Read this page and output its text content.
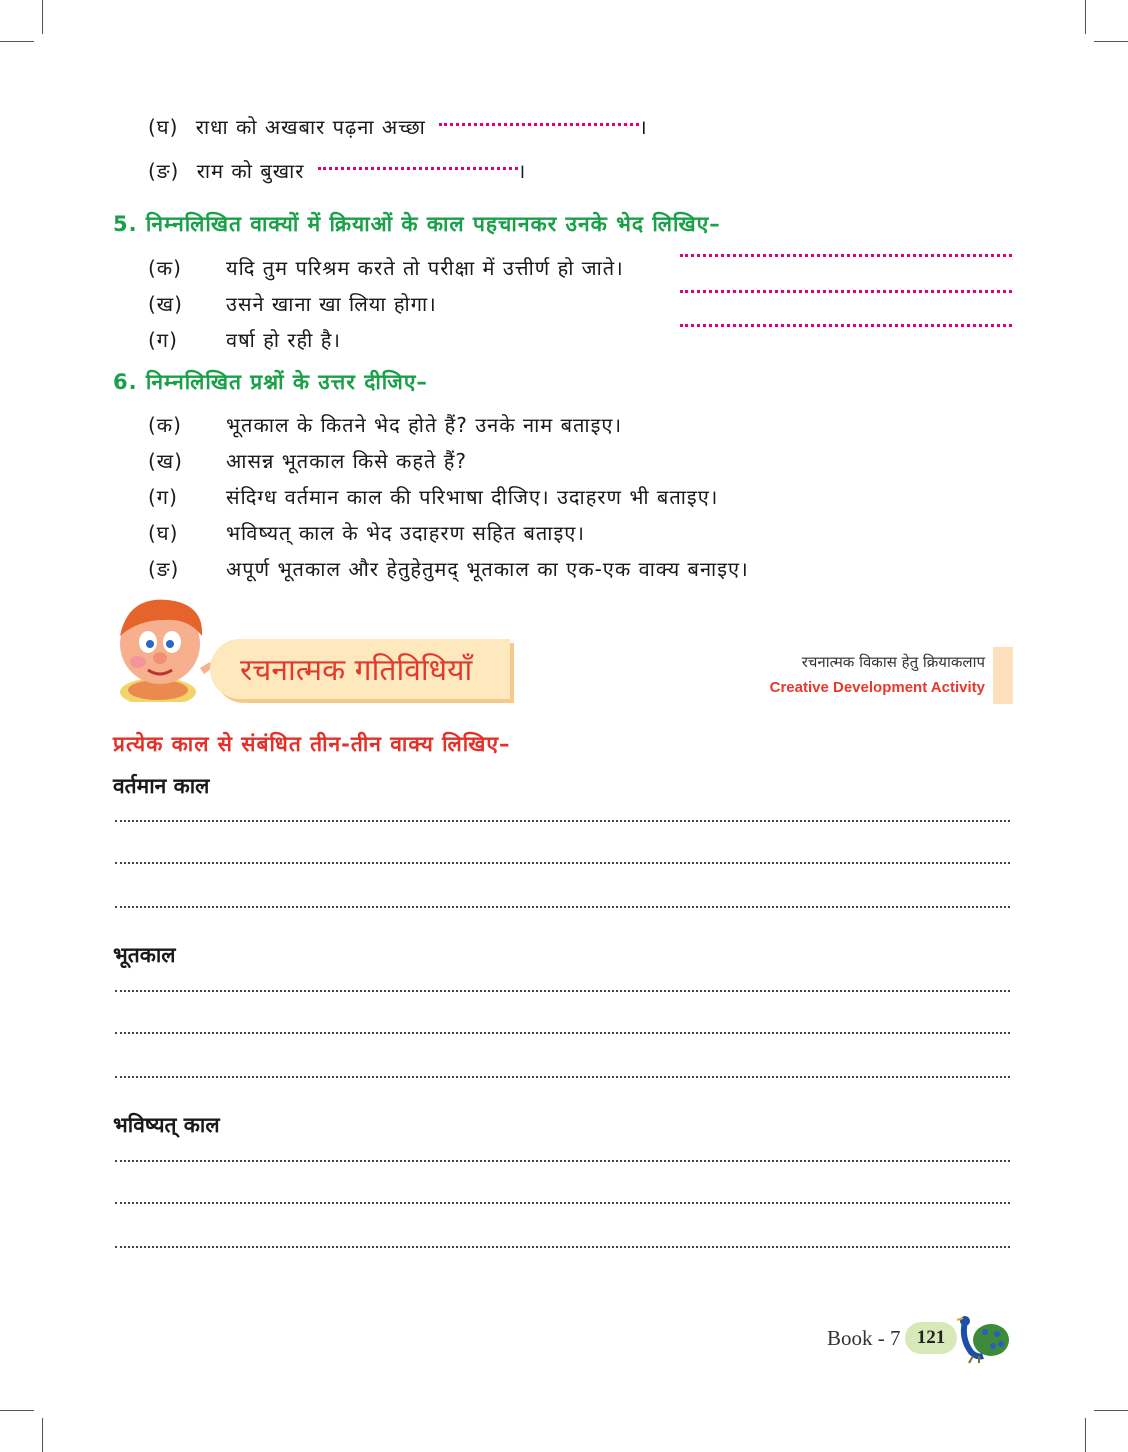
(घ) राधा को अखबार पढ़ना अच्छा	।
(ङ) राम को बुखार	।
5. निम्नलिखित वाक्यों में क्रियाओं के काल पहचानकर उनके भेद लिखिए–
(क) यदि तुम परिश्रम करते तो परीक्षा में उत्तीर्ण हो जाते।
(ख) उसने खाना खा लिया होगा।
(ग) वर्षा हो रही है।
6. निम्नलिखित प्रश्नों के उत्तर दीजिए–
(क) भूतकाल के कितने भेद होते हैं? उनके नाम बताइए।
(ख) आसन्न भूतकाल किसे कहते हैं?
(ग) संदिग्ध वर्तमान काल की परिभाषा दीजिए। उदाहरण भी बताइए।
(घ) भविष्यत् काल के भेद उदाहरण सहित बताइए।
(ङ) अपूर्ण भूतकाल और हेतुहेतुमद् भूतकाल का एक-एक वाक्य बनाइए।
रचनात्मक गतिविधियाँ	रचनात्मक विकास हेतु क्रियाकलाप
Creative Development Activity
प्रत्येक काल से संबंधित तीन-तीन वाक्य लिखिए–
वर्तमान काल
भूतकाल
भविष्यत् काल
Book - 7 121
